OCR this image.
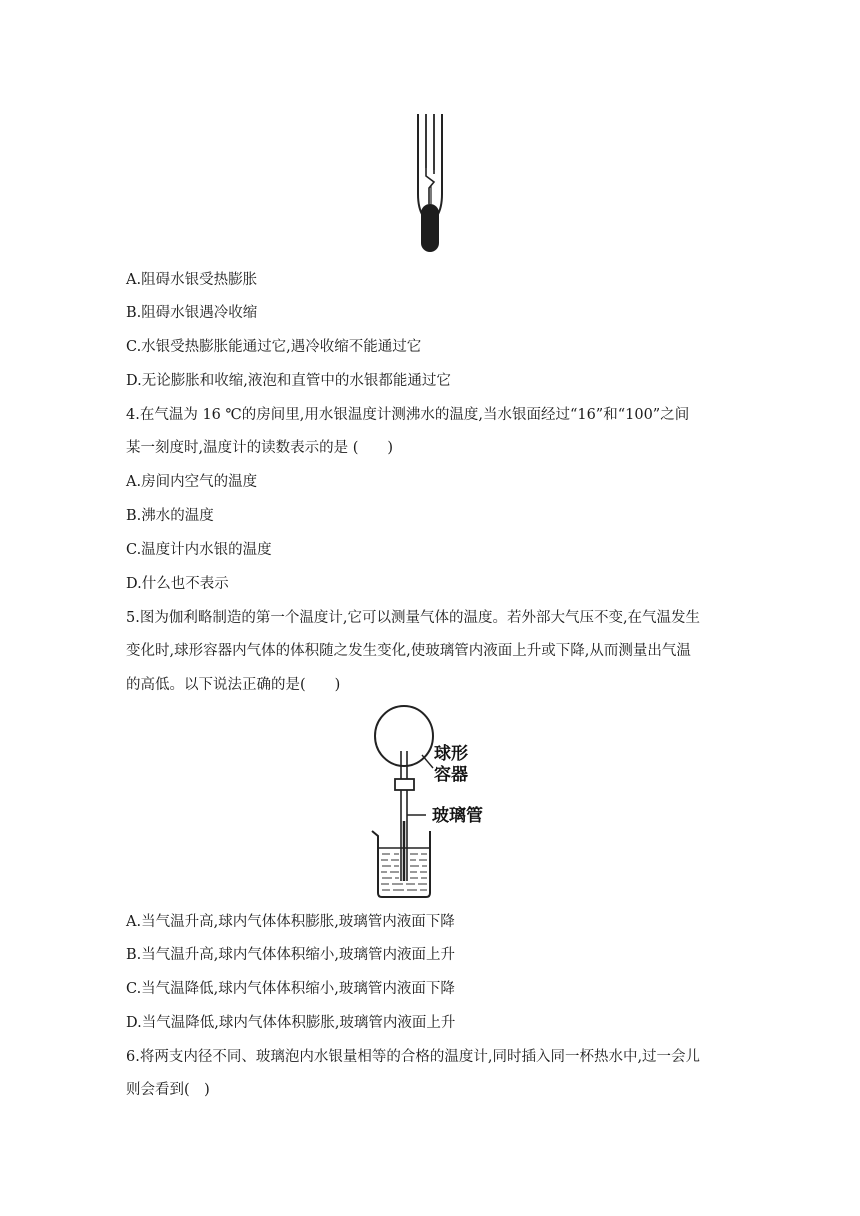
A.阻碍水银受热膨胀
B.阻碍水银遇冷收缩
C.水银受热膨胀能通过它,遇冷收缩不能通过它
D.无论膨胀和收缩,液泡和直管中的水银都能通过它
4.在气温为 16 ℃的房间里,用水银温度计测沸水的温度,当水银面经过“16”和“100”之间
某一刻度时,温度计的读数表示的是 (　　)
A.房间内空气的温度
B.沸水的温度
C.温度计内水银的温度
D.什么也不表示
5.图为伽利略制造的第一个温度计,它可以测量气体的温度。若外部大气压不变,在气温发生
变化时,球形容器内气体的体积随之发生变化,使玻璃管内液面上升或下降,从而测量出气温
的高低。以下说法正确的是(　　)
球形
容器
玻璃管
A.当气温升高,球内气体体积膨胀,玻璃管内液面下降
B.当气温升高,球内气体体积缩小,玻璃管内液面上升
C.当气温降低,球内气体体积缩小,玻璃管内液面下降
D.当气温降低,球内气体体积膨胀,玻璃管内液面上升
6.将两支内径不同、玻璃泡内水银量相等的合格的温度计,同时插入同一杯热水中,过一会儿
则会看到(　)
